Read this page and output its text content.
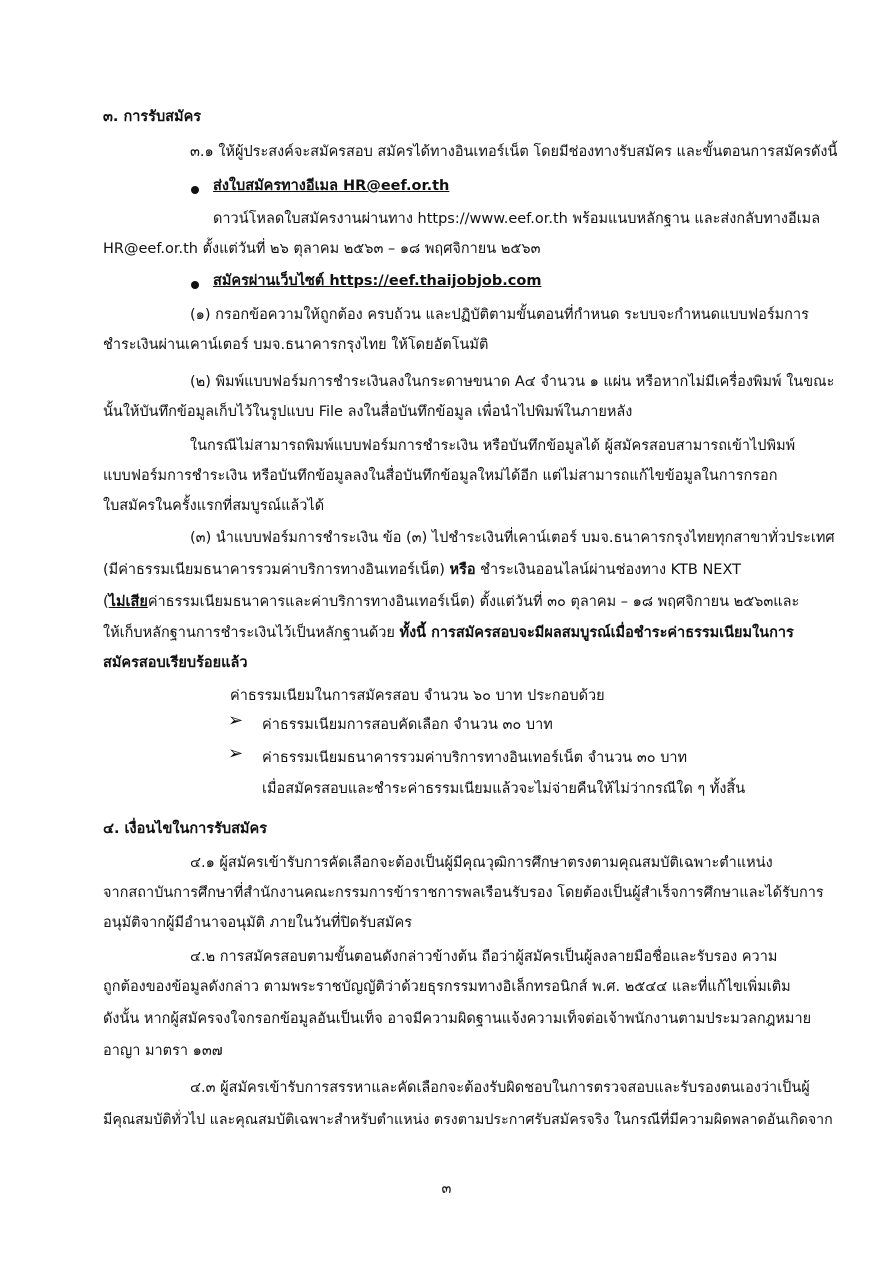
๓. การรับสมัคร
๓.๑ ให้ผู้ประสงค์จะสมัครสอบ สมัครได้ทางอินเทอร์เน็ต โดยมีช่องทางรับสมัคร และขั้นตอนการสมัครดังนี้
ส่งใบสมัครทางอีเมล HR@eef.or.th
ดาวน์โหลดใบสมัครงานผ่านทาง https://www.eef.or.th พร้อมแนบหลักฐาน และส่งกลับทางอีเมล
HR@eef.or.th ตั้งแต่วันที่ ๒๖ ตุลาคม ๒๕๖๓ – ๑๘ พฤศจิกายน ๒๕๖๓
สมัครผ่านเว็บไซต์ https://eef.thaijobjob.com
(๑) กรอกข้อความให้ถูกต้อง ครบถ้วน และปฏิบัติตามขั้นตอนที่กำหนด ระบบจะกำหนดแบบฟอร์มการ
ชำระเงินผ่านเคาน์เตอร์ บมจ.ธนาคารกรุงไทย ให้โดยอัตโนมัติ
(๒) พิมพ์แบบฟอร์มการชำระเงินลงในกระดาษขนาด A๔ จำนวน ๑ แผ่น หรือหากไม่มีเครื่องพิมพ์ ในขณะ
นั้นให้บันทึกข้อมูลเก็บไว้ในรูปแบบ File ลงในสื่อบันทึกข้อมูล เพื่อนำไปพิมพ์ในภายหลัง
ในกรณีไม่สามารถพิมพ์แบบฟอร์มการชำระเงิน หรือบันทึกข้อมูลได้ ผู้สมัครสอบสามารถเข้าไปพิมพ์
แบบฟอร์มการชำระเงิน หรือบันทึกข้อมูลลงในสื่อบันทึกข้อมูลใหม่ได้อีก แต่ไม่สามารถแก้ไขข้อมูลในการกรอก
ใบสมัครในครั้งแรกที่สมบูรณ์แล้วได้
(๓) นำแบบฟอร์มการชำระเงิน ข้อ (๓) ไปชำระเงินที่เคาน์เตอร์ บมจ.ธนาคารกรุงไทยทุกสาขาทั่วประเทศ
(มีค่าธรรมเนียมธนาคารรวมค่าบริการทางอินเทอร์เน็ต) หรือ ชำระเงินออนไลน์ผ่านช่องทาง KTB NEXT
(ไม่เสียค่าธรรมเนียมธนาคารและค่าบริการทางอินเทอร์เน็ต) ตั้งแต่วันที่ ๓๐ ตุลาคม – ๑๘ พฤศจิกายน ๒๕๖๓และ
ให้เก็บหลักฐานการชำระเงินไว้เป็นหลักฐานด้วย ทั้งนี้ การสมัครสอบจะมีผลสมบูรณ์เมื่อชำระค่าธรรมเนียมในการ
สมัครสอบเรียบร้อยแล้ว
ค่าธรรมเนียมในการสมัครสอบ จำนวน ๖๐ บาท ประกอบด้วย
➢ ค่าธรรมเนียมการสอบคัดเลือก จำนวน ๓๐ บาท
➢ ค่าธรรมเนียมธนาคารรวมค่าบริการทางอินเทอร์เน็ต จำนวน ๓๐ บาท
เมื่อสมัครสอบและชำระค่าธรรมเนียมแล้วจะไม่จ่ายคืนให้ไม่ว่ากรณีใด ๆ ทั้งสิ้น
๔. เงื่อนไขในการรับสมัคร
๔.๑ ผู้สมัครเข้ารับการคัดเลือกจะต้องเป็นผู้มีคุณวุฒิการศึกษาตรงตามคุณสมบัติเฉพาะตำแหน่ง
จากสถาบันการศึกษาที่สำนักงานคณะกรรมการข้าราชการพลเรือนรับรอง โดยต้องเป็นผู้สำเร็จการศึกษาและได้รับการ
อนุมัติจากผู้มีอำนาจอนุมัติ ภายในวันที่ปิดรับสมัคร
๔.๒ การสมัครสอบตามขั้นตอนดังกล่าวข้างต้น ถือว่าผู้สมัครเป็นผู้ลงลายมือชื่อและรับรอง ความ
ถูกต้องของข้อมูลดังกล่าว ตามพระราชบัญญัติว่าด้วยธุรกรรมทางอิเล็กทรอนิกส์ พ.ศ. ๒๕๔๔ และที่แก้ไขเพิ่มเติม
ดังนั้น หากผู้สมัครจงใจกรอกข้อมูลอันเป็นเท็จ อาจมีความผิดฐานแจ้งความเท็จต่อเจ้าพนักงานตามประมวลกฎหมาย
อาญา มาตรา ๑๓๗
๔.๓ ผู้สมัครเข้ารับการสรรหาและคัดเลือกจะต้องรับผิดชอบในการตรวจสอบและรับรองตนเองว่าเป็นผู้
มีคุณสมบัติทั่วไป และคุณสมบัติเฉพาะสำหรับตำแหน่ง ตรงตามประกาศรับสมัครจริง ในกรณีที่มีความผิดพลาดอันเกิดจาก
๓
